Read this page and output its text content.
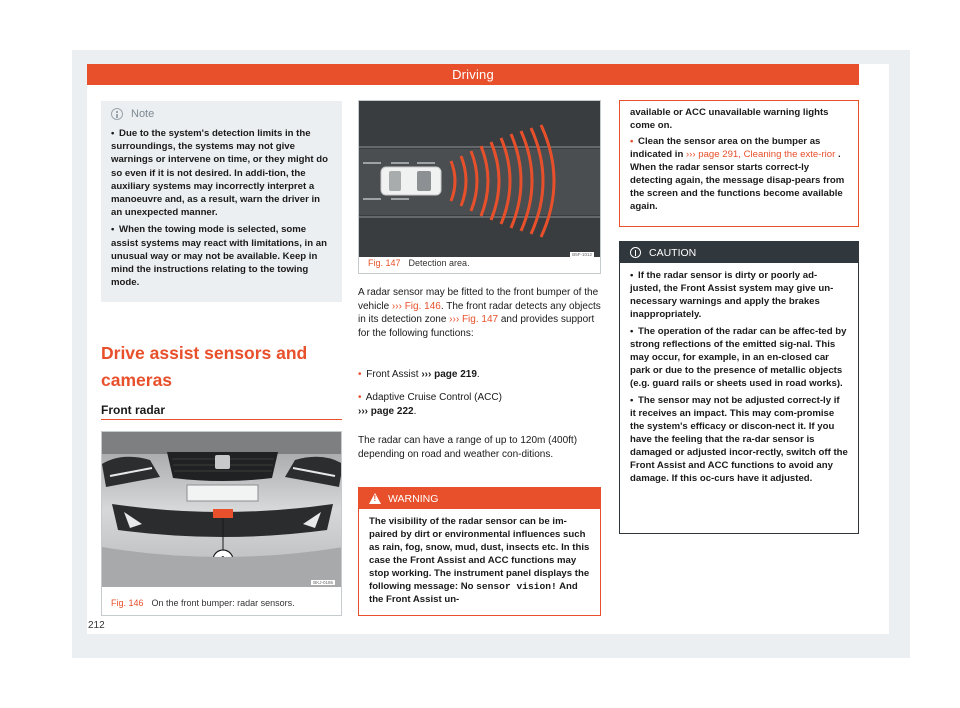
Driving
Note
• Due to the system's detection limits in the surroundings, the systems may not give warnings or intervene on time, or they might do so even if it is not desired. In addi-tion, the auxiliary systems may incorrectly interpret a manoeuvre and, as a result, warn the driver in an unexpected manner.
• When the towing mode is selected, some assist systems may react with limitations, in an unusual way or may not be available. Keep in mind the instructions relating to the towing mode.
Drive assist sensors and cameras
Front radar
BKJ-0186
Fig. 146 On the front bumper: radar sensors.
B5F-1012
Fig. 147 Detection area.
A radar sensor may be fitted to the front bumper of the vehicle ››› Fig. 146. The front radar detects any objects in its detection zone ››› Fig. 147 and provides support for the following functions:
• Front Assist ››› page 219.
• Adaptive Cruise Control (ACC)
››› page 222.
The radar can have a range of up to 120m (400ft) depending on road and weather con-ditions.
!
WARNING
The visibility of the radar sensor can be im-paired by dirt or environmental influences such as rain, fog, snow, mud, dust, insects etc. In this case the Front Assist and ACC functions may stop working. The instrument panel displays the following message: No sensor vision! And the Front Assist un-
available or ACC unavailable warning lights come on.
• Clean the sensor area on the bumper as indicated in ››› page 291, Cleaning the exte-rior . When the radar sensor starts correct-ly detecting again, the message disap-pears from the screen and the functions become available again.
CAUTION
• If the radar sensor is dirty or poorly ad-justed, the Front Assist system may give un-necessary warnings and apply the brakes inappropriately.
• The operation of the radar can be affec-ted by strong reflections of the emitted sig-nal. This may occur, for example, in an en-closed car park or due to the presence of metallic objects (e.g. guard rails or sheets used in road works).
• The sensor may not be adjusted correct-ly if it receives an impact. This may com-promise the system's efficacy or discon-nect it. If you have the feeling that the ra-dar sensor is damaged or adjusted incor-rectly, switch off the Front Assist and ACC functions to avoid any damage. If this oc-curs have it adjusted.
212
